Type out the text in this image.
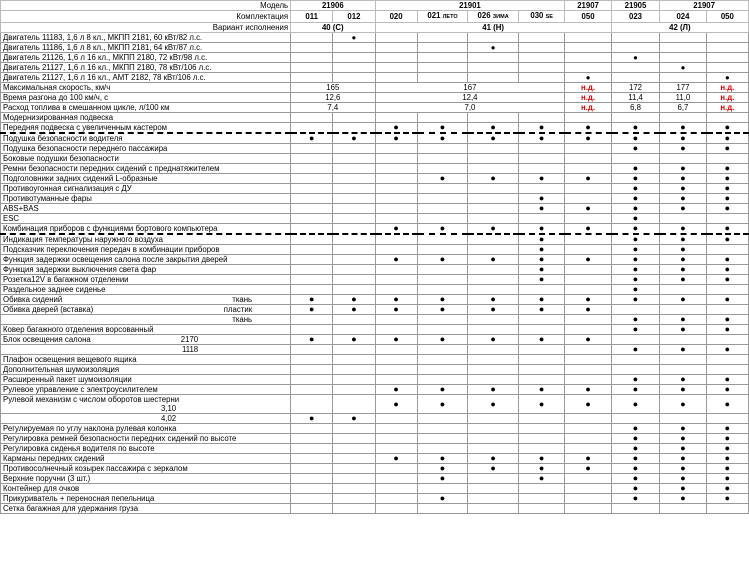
Модель	21906		21901				21907	21905	21907	
Комплектация	011	012	020	021 ЛЕТО	026 ЗИМА	030 SE	050	023	024	050
Вариант исполнения	40 (С)		41 (Н)					42 (Л)		
Двигатель 11183, 1,6 л 8 кл., МКПП 2181, 60 кВт/82 л.с.		●								
Двигатель 11186, 1,6 л 8 кл., МКПП 2181, 64 кВт/87 л.с.					●					
Двигатель 21126, 1,6 л 16 кл., МКПП 2180, 72 кВт/98 л.с.								●		
Двигатель 21127, 1,6 л 16 кл., МКПП 2180, 78 кВт/106 л.с.									●	
Двигатель 21127, 1,6 л 16 кл., АМТ 2182, 78 кВт/106 л.с.							●			●
Максимальная скорость, км/ч	165		167				н.д.	172	177	н.д.
Время разгона до 100 км/ч, с	12,6		12,4				н.д.	11,4	11,0	н.д.
Расход топлива в смешанном цикле, л/100 км	7,4		7,0				н.д.	6,8	6,7	н.д.
Модернизированная подвеска										
Передняя подвеска с увеличенным кастером			●	●	●	●	●	●	●	●
Подушка безопасности водителя	●	●	●	●	●	●	●	●	●	●
Подушка безопасности переднего пассажира								●	●	●
Боковые подушки безопасности										
Ремни безопасности передних сидений с преднатяжителем								●	●	●
Подголовники задних сидений L-образные				●	●	●	●	●	●	●
Противоугонная сигнализация с ДУ								●	●	●
Противотуманные фары						●		●	●	●
ABS+BAS						●	●	●	●	●
ESC								●		
Комбинация приборов с функциями бортового компьютера			●	●	●	●	●	●	●	●
Индикация температуры наружного воздуха						●		●	●	●
Подсказчик переключения передач в комбинации приборов						●		●	●	
Функция задержки освещения салона после закрытия дверей			●	●	●	●	●	●	●	●
Функция задержки выключения света фар						●		●	●	●
Розетка12V в багажном отделении						●		●	●	●
Раздельное заднее сиденье								●		
Обивка сидений ткань	●	●	●	●	●	●	●	●	●	●
Обивка дверей (вставка) пластик	●	●	●	●	●	●	●			

ткань								●	●	●
Ковер багажного отделения ворсованный								●	●	●
Блок освещения салона 2170	●	●	●	●	●	●	●			

1118								●	●	●
Плафон освещения вещевого ящика										
Дополнительная шумоизоляция										
Расширенный пакет шумоизоляции								●	●	●
Рулевое управление с электроусилителем			●	●	●	●	●	●	●	●
Рулевой механизм с числом оборотов шестерни
3,10			●	●	●	●	●	●	●	●

4,02	●	●								
Регулируемая по углу наклона рулевая колонка								●	●	●
Регулировка ремней безопасности передних сидений по высоте								●	●	●
Регулировка сиденья водителя по высоте								●	●	●
Карманы передних сидений			●	●	●	●	●	●	●	●
Противосолнечный козырек пассажира с зеркалом				●	●	●	●	●	●	●
Верхние поручни (3 шт.)				●		●		●	●	●
Контейнер для очков								●	●	●
Прикуриватель + переносная пепельница				●				●	●	●
Сетка багажная для удержания груза										
